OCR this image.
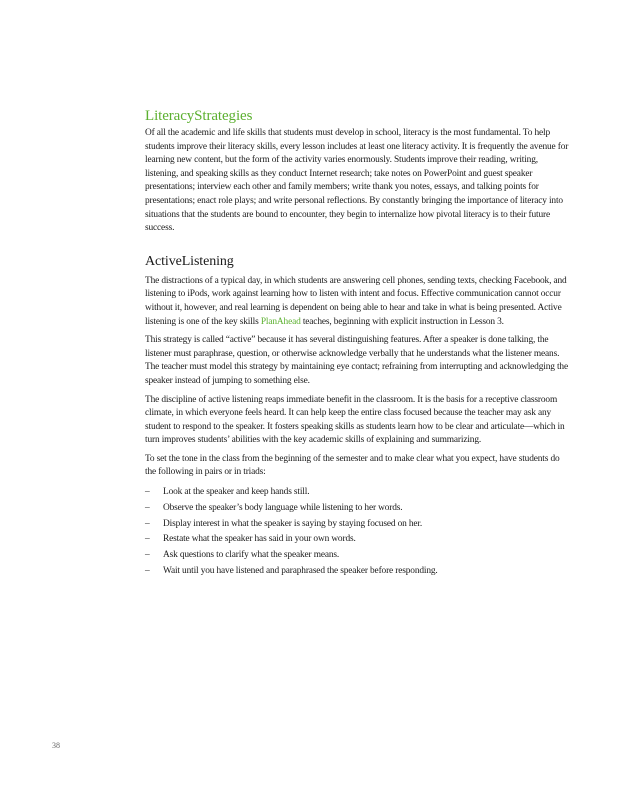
LiteracyStrategies

Of all the academic and life skills that students must develop in school, literacy is the most fundamental. To help students improve their literacy skills, every lesson includes at least one literacy activity. It is frequently the avenue for learning new content, but the form of the activity varies enormously. Students improve their reading, writing, listening, and speaking skills as they conduct Internet research; take notes on PowerPoint and guest speaker presentations; interview each other and family members; write thank you notes, essays, and talking points for presentations; enact role plays; and write personal reflections. By constantly bringing the importance of literacy into situations that the students are bound to encounter, they begin to internalize how pivotal literacy is to their future success.

ActiveListening

The distractions of a typical day, in which students are answering cell phones, sending texts, checking Facebook, and listening to iPods, work against learning how to listen with intent and focus. Effective communication cannot occur without it, however, and real learning is dependent on being able to hear and take in what is being presented. Active listening is one of the key skills PlanAhead teaches, beginning with explicit instruction in Lesson 3.

This strategy is called “active” because it has several distinguishing features. After a speaker is done talking, the listener must paraphrase, question, or otherwise acknowledge verbally that he understands what the listener means. The teacher must model this strategy by maintaining eye contact; refraining from interrupting and acknowledging the speaker instead of jumping to something else.

The discipline of active listening reaps immediate benefit in the classroom. It is the basis for a receptive classroom climate, in which everyone feels heard. It can help keep the entire class focused because the teacher may ask any student to respond to the speaker. It fosters speaking skills as students learn how to be clear and articulate—which in turn improves students’ abilities with the key academic skills of explaining and summarizing.

To set the tone in the class from the beginning of the semester and to make clear what you expect, have students do the following in pairs or in triads:

– Look at the speaker and keep hands still.
– Observe the speaker’s body language while listening to her words.
– Display interest in what the speaker is saying by staying focused on her.
– Restate what the speaker has said in your own words.
– Ask questions to clarify what the speaker means.
– Wait until you have listened and paraphrased the speaker before responding.
38
